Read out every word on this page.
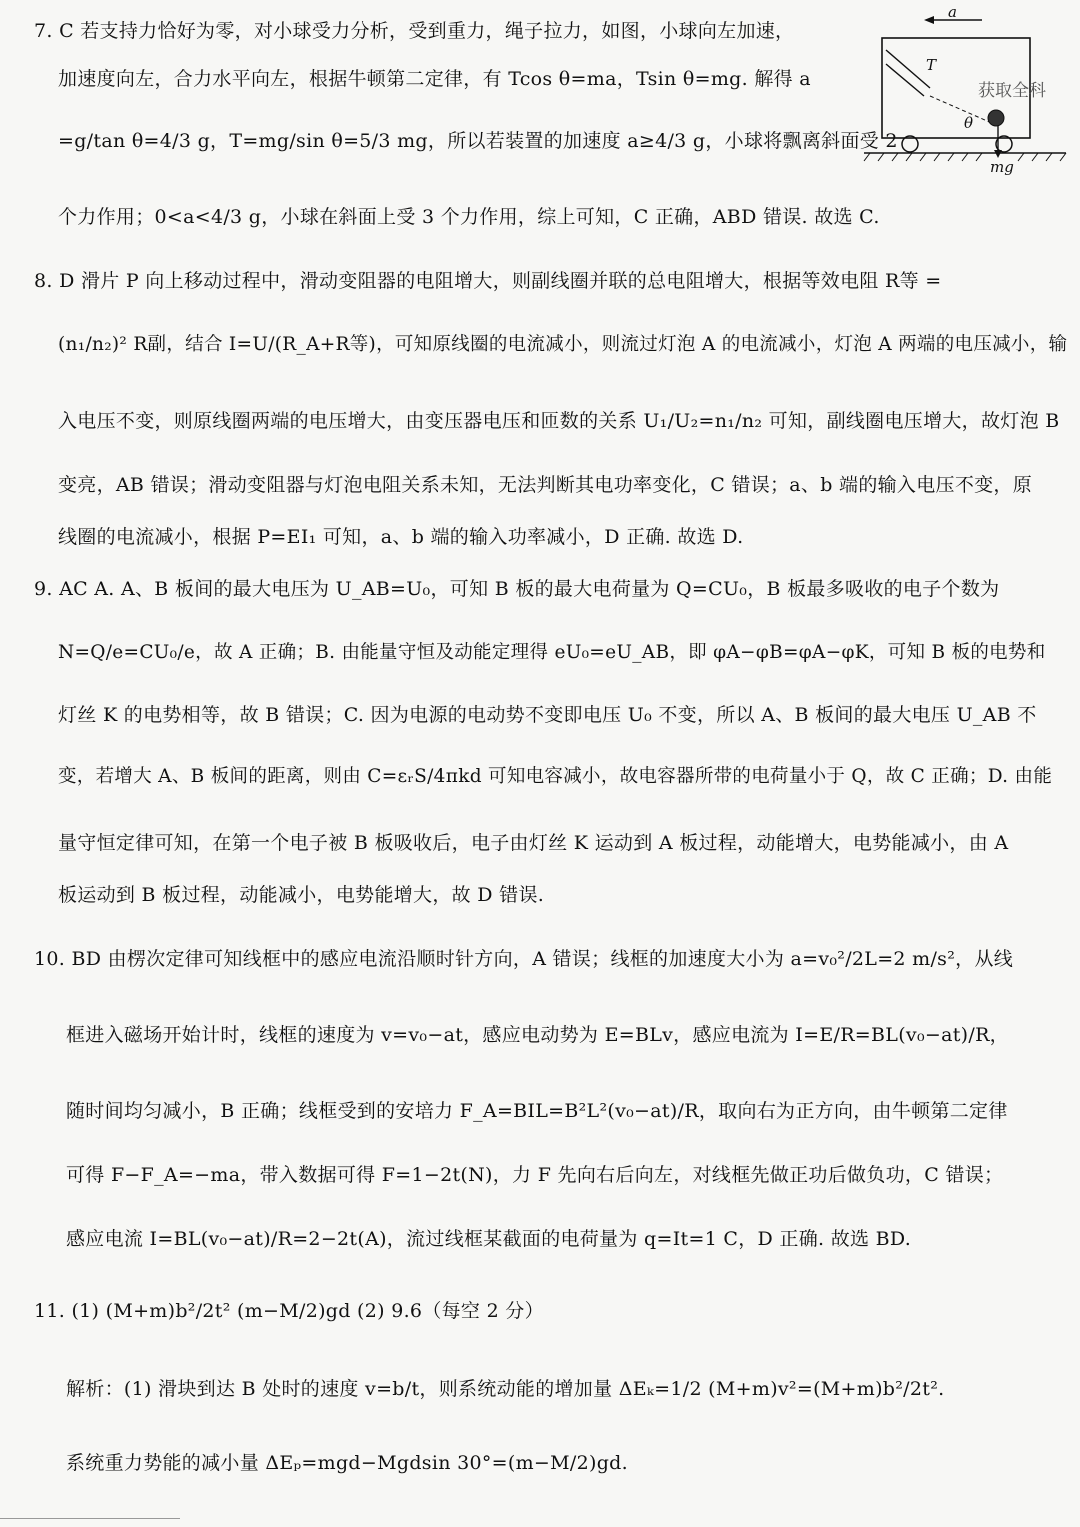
7. C 若支持力恰好为零，对小球受力分析，受到重力，绳子拉力，如图，小球向左加速，
加速度向左，合力水平向左，根据牛顿第二定律，有 Tcos θ=ma，Tsin θ=mg. 解得 a
=g/tan θ=4/3 g，T=mg/sin θ=5/3 mg，所以若装置的加速度 a≥4/3 g，小球将飘离斜面受 2
个力作用；0<a<4/3 g，小球在斜面上受 3 个力作用，综上可知，C 正确，ABD 错误. 故选 C.
a
T
θ
mg
获取全科
8. D 滑片 P 向上移动过程中，滑动变阻器的电阻增大，则副线圈并联的总电阻增大，根据等效电阻 R等 =
(n₁/n₂)² R副，结合 I=U/(R_A+R等)，可知原线圈的电流减小，则流过灯泡 A 的电流减小，灯泡 A 两端的电压减小，输
入电压不变，则原线圈两端的电压增大，由变压器电压和匝数的关系 U₁/U₂=n₁/n₂ 可知，副线圈电压增大，故灯泡 B
变亮，AB 错误；滑动变阻器与灯泡电阻关系未知，无法判断其电功率变化，C 错误；a、b 端的输入电压不变，原
线圈的电流减小，根据 P=EI₁ 可知，a、b 端的输入功率减小，D 正确. 故选 D.
9. AC A. A、B 板间的最大电压为 U_AB=U₀，可知 B 板的最大电荷量为 Q=CU₀，B 板最多吸收的电子个数为
N=Q/e=CU₀/e，故 A 正确；B. 由能量守恒及动能定理得 eU₀=eU_AB，即 φA−φB=φA−φK，可知 B 板的电势和
灯丝 K 的电势相等，故 B 错误；C. 因为电源的电动势不变即电压 U₀ 不变，所以 A、B 板间的最大电压 U_AB 不
变，若增大 A、B 板间的距离，则由 C=εᵣS/4πkd 可知电容减小，故电容器所带的电荷量小于 Q，故 C 正确；D. 由能
量守恒定律可知，在第一个电子被 B 板吸收后，电子由灯丝 K 运动到 A 板过程，动能增大，电势能减小，由 A
板运动到 B 板过程，动能减小，电势能增大，故 D 错误.
10. BD 由楞次定律可知线框中的感应电流沿顺时针方向，A 错误；线框的加速度大小为 a=v₀²/2L=2 m/s²，从线
框进入磁场开始计时，线框的速度为 v=v₀−at，感应电动势为 E=BLv，感应电流为 I=E/R=BL(v₀−at)/R，
随时间均匀减小，B 正确；线框受到的安培力 F_A=BIL=B²L²(v₀−at)/R，取向右为正方向，由牛顿第二定律
可得 F−F_A=−ma，带入数据可得 F=1−2t(N)，力 F 先向右后向左，对线框先做正功后做负功，C 错误；
感应电流 I=BL(v₀−at)/R=2−2t(A)，流过线框某截面的电荷量为 q=It=1 C，D 正确. 故选 BD.
11. (1) (M+m)b²/2t² (m−M/2)gd (2) 9.6（每空 2 分）
解析：(1) 滑块到达 B 处时的速度 v=b/t，则系统动能的增加量 ΔEₖ=1/2 (M+m)v²=(M+m)b²/2t².
系统重力势能的减小量 ΔEₚ=mgd−Mgdsin 30°=(m−M/2)gd.
